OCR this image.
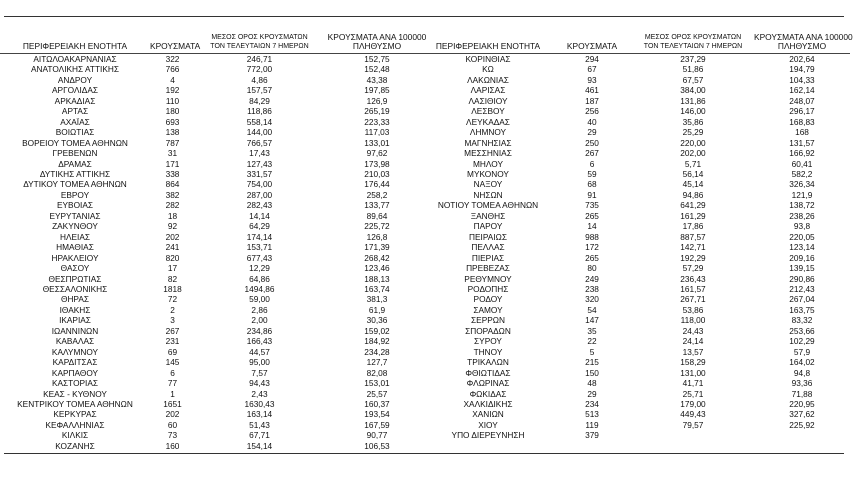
ΠΕΡΙΦΕΡΕΙΑΚΗ ΕΝΟΤΗΤΑ	ΚΡΟΥΣΜΑΤΑ	ΜΕΣΟΣ ΟΡΟΣ ΚΡΟΥΣΜΑΤΩΝ
ΤΟΝ ΤΕΛΕΥΤΑΙΩΝ 7 ΗΜΕΡΩΝ	ΚΡΟΥΣΜΑΤΑ ΑΝΑ 100000
ΠΛΗΘΥΣΜΟ

ΑΙΤΩΛΟΑΚΑΡΝΑΝΙΑΣ	322	246,71	152,75
ΑΝΑΤΟΛΙΚΗΣ ΑΤΤΙΚΗΣ	766	772,00	152,48
ΑΝΔΡΟΥ	4	4,86	43,38
ΑΡΓΟΛΙΔΑΣ	192	157,57	197,85
ΑΡΚΑΔΙΑΣ	110	84,29	126,9
ΑΡΤΑΣ	180	118,86	265,19
ΑΧΑΪΑΣ	693	558,14	223,33
ΒΟΙΩΤΙΑΣ	138	144,00	117,03
ΒΟΡΕΙΟΥ ΤΟΜΕΑ ΑΘΗΝΩΝ	787	766,57	133,01
ΓΡΕΒΕΝΩΝ	31	17,43	97,62
ΔΡΑΜΑΣ	171	127,43	173,98
ΔΥΤΙΚΗΣ ΑΤΤΙΚΗΣ	338	331,57	210,03
ΔΥΤΙΚΟΥ ΤΟΜΕΑ ΑΘΗΝΩΝ	864	754,00	176,44
ΕΒΡΟΥ	382	287,00	258,2
ΕΥΒΟΙΑΣ	282	282,43	133,77
ΕΥΡΥΤΑΝΙΑΣ	18	14,14	89,64
ΖΑΚΥΝΘΟΥ	92	64,29	225,72
ΗΛΕΙΑΣ	202	174,14	126,8
ΗΜΑΘΙΑΣ	241	153,71	171,39
ΗΡΑΚΛΕΙΟΥ	820	677,43	268,42
ΘΑΣΟΥ	17	12,29	123,46
ΘΕΣΠΡΩΤΙΑΣ	82	64,86	188,13
ΘΕΣΣΑΛΟΝΙΚΗΣ	1818	1494,86	163,74
ΘΗΡΑΣ	72	59,00	381,3
ΙΘΑΚΗΣ	2	2,86	61,9
ΙΚΑΡΙΑΣ	3	2,00	30,36
ΙΩΑΝΝΙΝΩΝ	267	234,86	159,02
ΚΑΒΑΛΑΣ	231	166,43	184,92
ΚΑΛΥΜΝΟΥ	69	44,57	234,28
ΚΑΡΔΙΤΣΑΣ	145	95,00	127,7
ΚΑΡΠΑΘΟΥ	6	7,57	82,08
ΚΑΣΤΟΡΙΑΣ	77	94,43	153,01
ΚΕΑΣ - ΚΥΘΝΟΥ	1	2,43	25,57
ΚΕΝΤΡΙΚΟΥ ΤΟΜΕΑ ΑΘΗΝΩΝ	1651	1630,43	160,37
ΚΕΡΚΥΡΑΣ	202	163,14	193,54
ΚΕΦΑΛΛΗΝΙΑΣ	60	51,43	167,59
ΚΙΛΚΙΣ	73	67,71	90,77
ΚΟΖΑΝΗΣ	160	154,14	106,53
ΠΕΡΙΦΕΡΕΙΑΚΗ ΕΝΟΤΗΤΑ	ΚΡΟΥΣΜΑΤΑ	ΜΕΣΟΣ ΟΡΟΣ ΚΡΟΥΣΜΑΤΩΝ
ΤΟΝ ΤΕΛΕΥΤΑΙΩΝ 7 ΗΜΕΡΩΝ	ΚΡΟΥΣΜΑΤΑ ΑΝΑ 100000
ΠΛΗΘΥΣΜΟ

ΚΟΡΙΝΘΙΑΣ	294	237,29	202,64
ΚΩ	67	51,86	194,79
ΛΑΚΩΝΙΑΣ	93	67,57	104,33
ΛΑΡΙΣΑΣ	461	384,00	162,14
ΛΑΣΙΘΙΟΥ	187	131,86	248,07
ΛΕΣΒΟΥ	256	146,00	296,17
ΛΕΥΚΑΔΑΣ	40	35,86	168,83
ΛΗΜΝΟΥ	29	25,29	168
ΜΑΓΝΗΣΙΑΣ	250	220,00	131,57
ΜΕΣΣΗΝΙΑΣ	267	202,00	166,92
ΜΗΛΟΥ	6	5,71	60,41
ΜΥΚΟΝΟΥ	59	56,14	582,2
ΝΑΞΟΥ	68	45,14	326,34
ΝΗΣΩΝ	91	94,86	121,9
ΝΟΤΙΟΥ ΤΟΜΕΑ ΑΘΗΝΩΝ	735	641,29	138,72
ΞΑΝΘΗΣ	265	161,29	238,26
ΠΑΡΟΥ	14	17,86	93,8
ΠΕΙΡΑΙΩΣ	988	887,57	220,05
ΠΕΛΛΑΣ	172	142,71	123,14
ΠΙΕΡΙΑΣ	265	192,29	209,16
ΠΡΕΒΕΖΑΣ	80	57,29	139,15
ΡΕΘΥΜΝΟΥ	249	236,43	290,86
ΡΟΔΟΠΗΣ	238	161,57	212,43
ΡΟΔΟΥ	320	267,71	267,04
ΣΑΜΟΥ	54	53,86	163,75
ΣΕΡΡΩΝ	147	118,00	83,32
ΣΠΟΡΑΔΩΝ	35	24,43	253,66
ΣΥΡΟΥ	22	24,14	102,29
ΤΗΝΟΥ	5	13,57	57,9
ΤΡΙΚΑΛΩΝ	215	158,29	164,02
ΦΘΙΩΤΙΔΑΣ	150	131,00	94,8
ΦΛΩΡΙΝΑΣ	48	41,71	93,36
ΦΩΚΙΔΑΣ	29	25,71	71,88
ΧΑΛΚΙΔΙΚΗΣ	234	179,00	220,95
ΧΑΝΙΩΝ	513	449,43	327,62
ΧΙΟΥ	119	79,57	225,92
ΥΠΟ ΔΙΕΡΕΥΝΗΣΗ	379		
